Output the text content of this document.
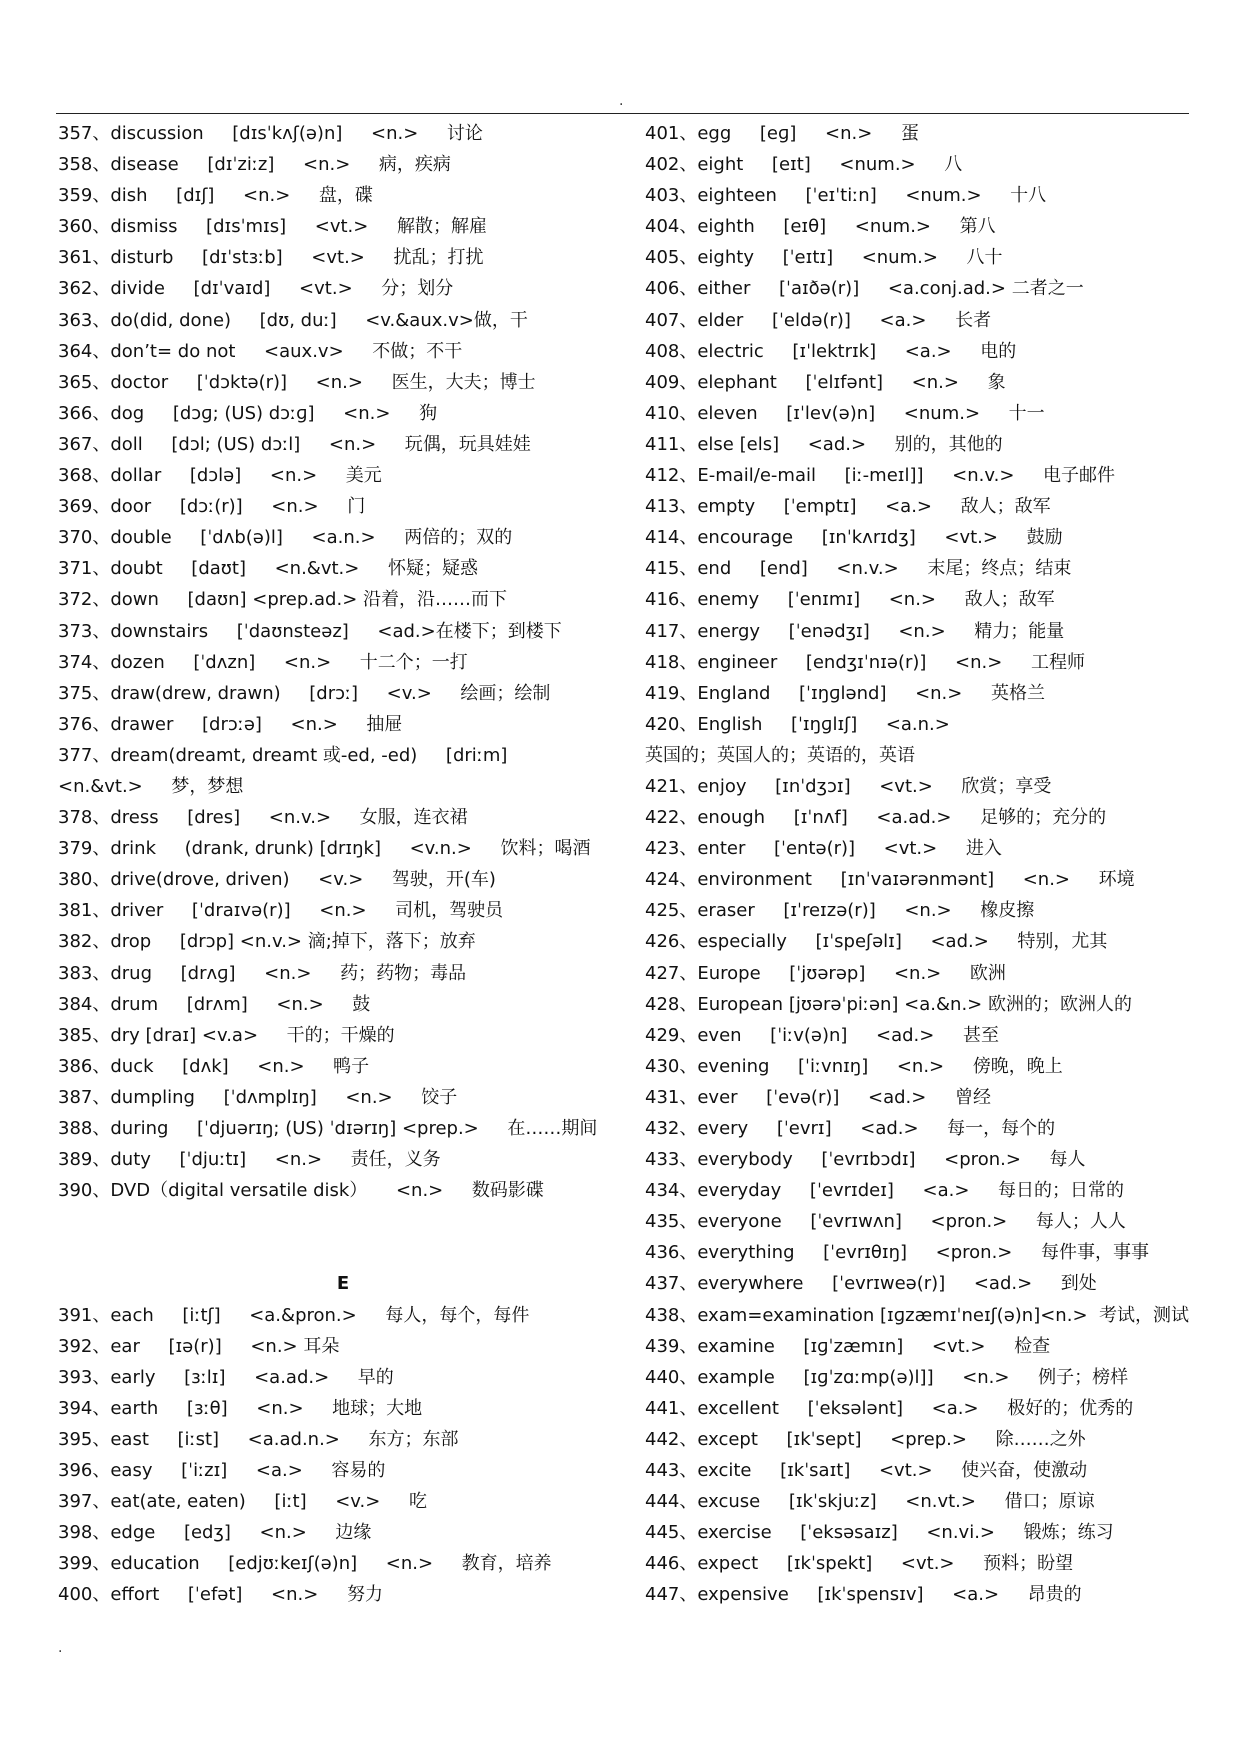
.
357、discussion     [dɪsˈkʌʃ(ə)n]     <n.>     讨论
358、disease     [dɪˈziːz]     <n.>     病，疾病
359、dish     [dɪʃ]     <n.>     盘，碟
360、dismiss     [dɪsˈmɪs]     <vt.>     解散；解雇
361、disturb     [dɪˈstɜːb]     <vt.>     扰乱；打扰
362、divide     [dɪˈvaɪd]     <vt.>     分；划分
363、do(did, done)     [dʊ, duː]     <v.&aux.v>做，干
364、don’t= do not     <aux.v>     不做；不干
365、doctor     [ˈdɔktə(r)]     <n.>     医生，大夫；博士
366、dog     [dɔɡ; (US) dɔːɡ]     <n.>     狗
367、doll     [dɔl; (US) dɔːl]     <n.>     玩偶，玩具娃娃
368、dollar     [dɔlə]     <n.>     美元
369、door     [dɔː(r)]     <n.>     门
370、double     [ˈdʌb(ə)l]     <a.n.>     两倍的；双的
371、doubt     [daʊt]     <n.&vt.>     怀疑；疑惑
372、down     [daʊn] <prep.ad.> 沿着，沿……而下
373、downstairs     [ˈdaʊnsteəz]     <ad.>在楼下；到楼下
374、dozen     [ˈdʌzn]     <n.>     十二个；一打
375、draw(drew, drawn)     [drɔː]     <v.>     绘画；绘制
376、drawer     [drɔːə]     <n.>     抽屉
377、dream(dreamt, dreamt 或-ed, -ed)     [driːm]
<n.&vt.>     梦，梦想
378、dress     [dres]     <n.v.>     女服，连衣裙
379、drink     (drank, drunk) [drɪŋk]     <v.n.>     饮料；喝酒
380、drive(drove, driven)     <v.>     驾驶，开(车)
381、driver     [ˈdraɪvə(r)]     <n.>     司机，驾驶员
382、drop     [drɔp] <n.v.> 滴;掉下，落下；放弃
383、drug     [drʌɡ]     <n.>     药；药物；毒品
384、drum     [drʌm]     <n.>     鼓
385、dry [draɪ] <v.a>     干的；干燥的
386、duck     [dʌk]     <n.>     鸭子
387、dumpling     [ˈdʌmplɪŋ]     <n.>     饺子
388、during     [ˈdjuərɪŋ; (US) ˈdɪərɪŋ] <prep.>     在……期间
389、duty     [ˈdjuːtɪ]     <n.>     责任，义务
390、DVD（digital versatile disk）     <n.>     数码影碟
E
391、each     [iːtʃ]     <a.&pron.>     每人，每个，每件
392、ear     [ɪə(r)]     <n.> 耳朵
393、early     [ɜːlɪ]     <a.ad.>     早的
394、earth     [ɜːθ]     <n.>     地球；大地
395、east     [iːst]     <a.ad.n.>     东方；东部
396、easy     [ˈiːzɪ]     <a.>     容易的
397、eat(ate, eaten)     [iːt]     <v.>     吃
398、edge     [edʒ]     <n.>     边缘
399、education     [edjʊːkeɪʃ(ə)n]     <n.>     教育，培养
400、effort     [ˈefət]     <n.>     努力
401、egg     [eɡ]     <n.>     蛋
402、eight     [eɪt]     <num.>     八
403、eighteen     [ˈeɪˈtiːn]     <num.>     十八
404、eighth     [eɪθ]     <num.>     第八
405、eighty     [ˈeɪtɪ]     <num.>     八十
406、either     [ˈaɪðə(r)]     <a.conj.ad.> 二者之一
407、elder     [ˈeldə(r)]     <a.>     长者
408、electric     [ɪˈlektrɪk]     <a.>     电的
409、elephant     [ˈelɪfənt]     <n.>     象
410、eleven     [ɪˈlev(ə)n]     <num.>     十一
411、else [els]     <ad.>     别的，其他的
412、E-mail/e-mail     [iː-meɪl]]     <n.v.>     电子邮件
413、empty     [ˈemptɪ]     <a.>     敌人；敌军
414、encourage     [ɪnˈkʌrɪdʒ]     <vt.>     鼓励
415、end     [end]     <n.v.>     末尾；终点；结束
416、enemy     [ˈenɪmɪ]     <n.>     敌人；敌军
417、energy     [ˈenədʒɪ]     <n.>     精力；能量
418、engineer     [endʒɪˈnɪə(r)]     <n.>     工程师
419、England     [ˈɪŋɡlənd]     <n.>     英格兰
420、English     [ˈɪŋɡlɪʃ]     <a.n.>
英国的；英国人的；英语的，英语
421、enjoy     [ɪnˈdʒɔɪ]     <vt.>     欣赏；享受
422、enough     [ɪˈnʌf]     <a.ad.>     足够的；充分的
423、enter     [ˈentə(r)]     <vt.>     进入
424、environment     [ɪnˈvaɪərənmənt]     <n.>     环境
425、eraser     [ɪˈreɪzə(r)]     <n.>     橡皮擦
426、especially     [ɪˈspeʃəlɪ]     <ad.>     特别，尤其
427、Europe     [ˈjʊərəp]     <n.>     欧洲
428、European [jʊərəˈpiːən] <a.&n.> 欧洲的；欧洲人的
429、even     [ˈiːv(ə)n]     <ad.>     甚至
430、evening     [ˈiːvnɪŋ]     <n.>     傍晚，晚上
431、ever     [ˈevə(r)]     <ad.>     曾经
432、every     [ˈevrɪ]     <ad.>     每一，每个的
433、everybody     [ˈevrɪbɔdɪ]     <pron.>     每人
434、everyday     [ˈevrɪdeɪ]     <a.>     每日的；日常的
435、everyone     [ˈevrɪwʌn]     <pron.>     每人；人人
436、everything     [ˈevrɪθɪŋ]     <pron.>     每件事，事事
437、everywhere     [ˈevrɪweə(r)]     <ad.>     到处
438、exam=examination [ɪɡzæmɪˈneɪʃ(ə)n]<n.>  考试，测试
439、examine     [ɪɡˈzæmɪn]     <vt.>     检查
440、example     [ɪɡˈzɑːmp(ə)l]]     <n.>     例子；榜样
441、excellent     [ˈeksələnt]     <a.>     极好的；优秀的
442、except     [ɪkˈsept]     <prep.>     除……之外
443、excite     [ɪkˈsaɪt]     <vt.>     使兴奋，使激动
444、excuse     [ɪkˈskjuːz]     <n.vt.>     借口；原谅
445、exercise     [ˈeksəsaɪz]     <n.vi.>     锻炼；练习
446、expect     [ɪkˈspekt]     <vt.>     预料；盼望
447、expensive     [ɪkˈspensɪv]     <a.>     昂贵的
.
